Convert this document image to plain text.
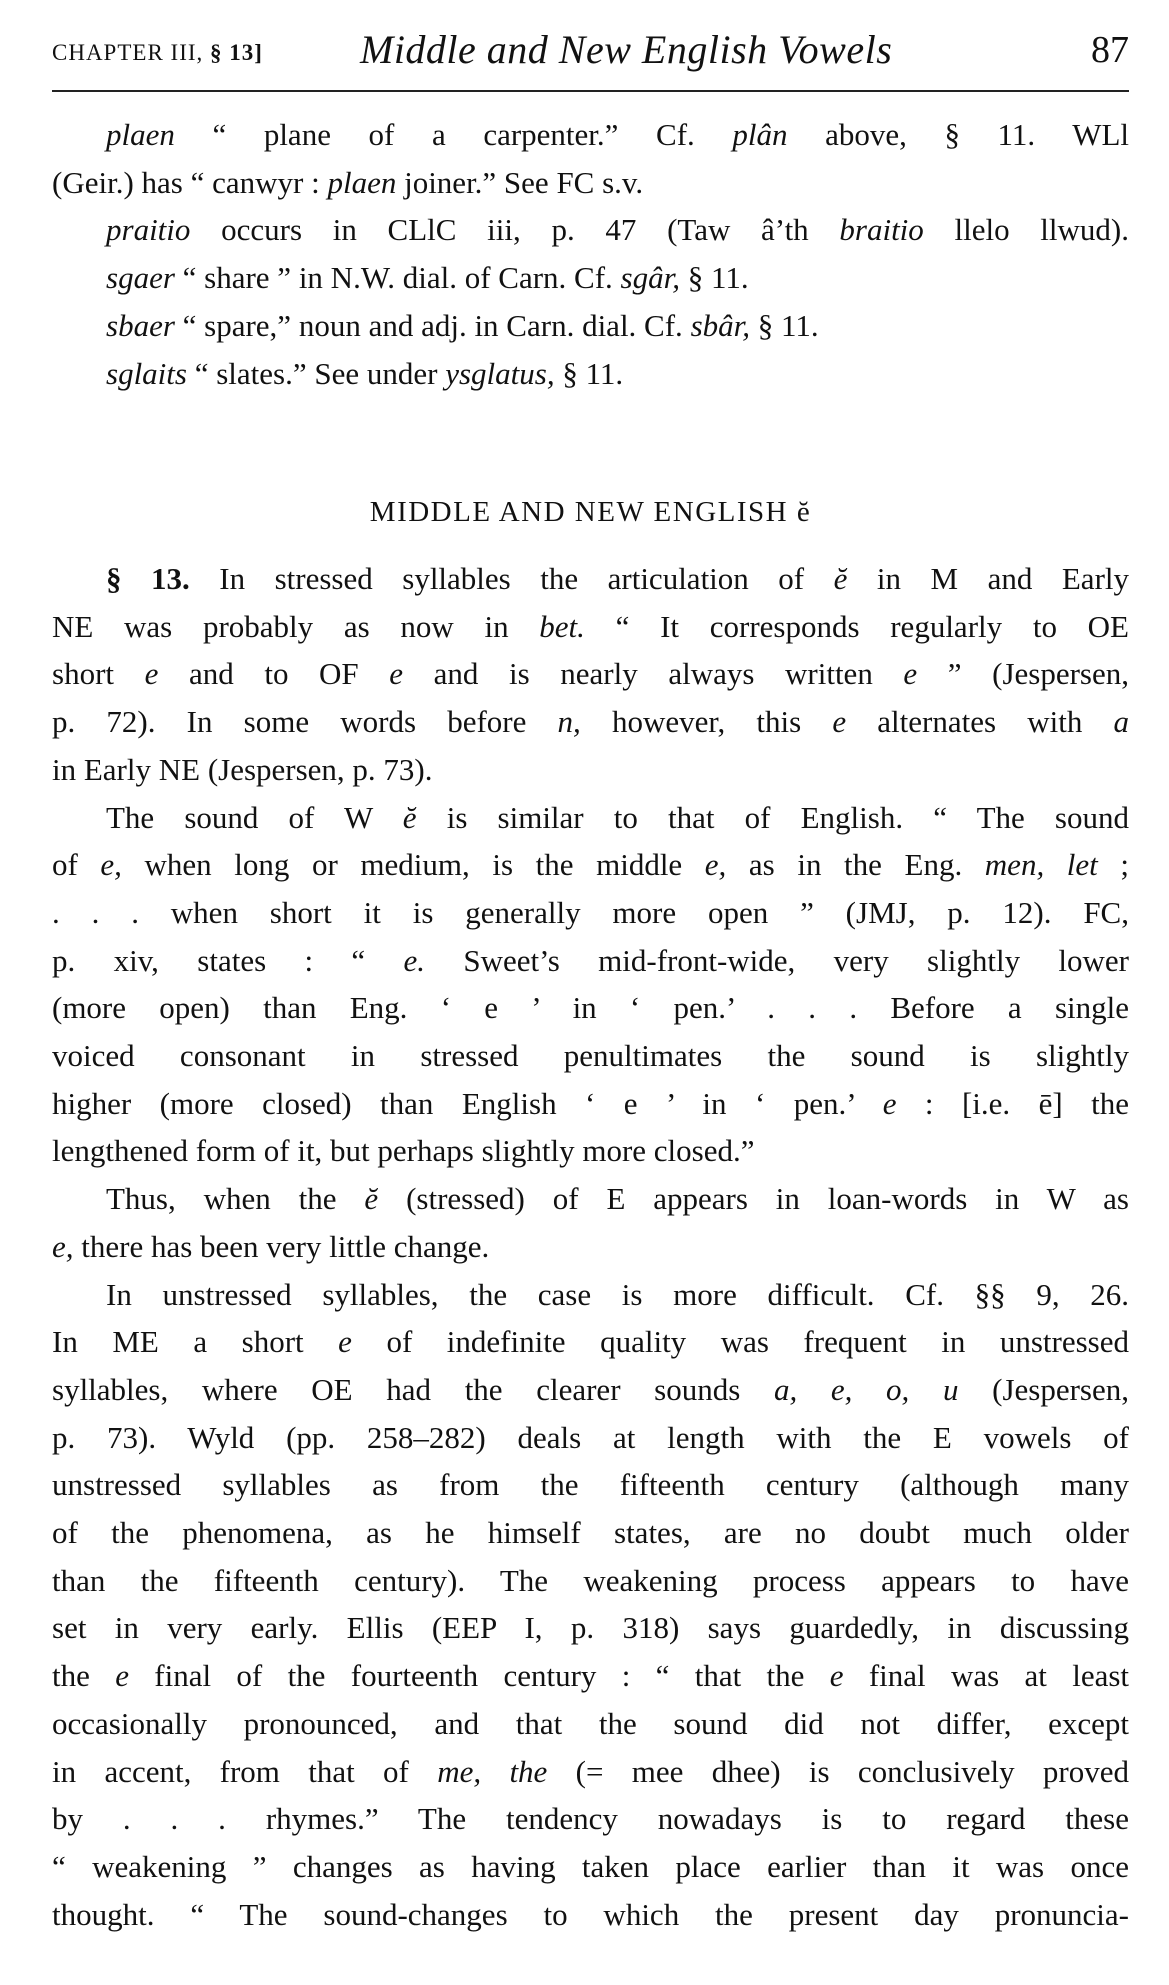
CHAPTER III, § 13] Middle and New English Vowels	87
plaen “ plane of a carpenter.” Cf. plân above, § 11. WLl
(Geir.) has “ canwyr : plaen joiner.” See FC s.v.
praitio occurs in CLlC iii, p. 47 (Taw â’th braitio llelo llwud).
sgaer “ share ” in N.W. dial. of Carn. Cf. sgâr, § 11.
sbaer “ spare,” noun and adj. in Carn. dial. Cf. sbâr, § 11.
sglaits “ slates.” See under ysglatus, § 11.
MIDDLE AND NEW ENGLISH ĕ
§ 13. In stressed syllables the articulation of ĕ in M and Early
NE was probably as now in bet. “ It corresponds regularly to OE
short e and to OF e and is nearly always written e ” (Jespersen,
p. 72). In some words before n, however, this e alternates with a
in Early NE (Jespersen, p. 73).
The sound of W ĕ is similar to that of English. “ The sound
of e, when long or medium, is the middle e, as in the Eng. men, let ;
. . . when short it is generally more open ” (JMJ, p. 12). FC,
p. xiv, states : “ e. Sweet’s mid-front-wide, very slightly lower
(more open) than Eng. ‘ e ’ in ‘ pen.’ . . . Before a single
voiced consonant in stressed penultimates the sound is slightly
higher (more closed) than English ‘ e ’ in ‘ pen.’ e : [i.e. ē] the
lengthened form of it, but perhaps slightly more closed.”
Thus, when the ĕ (stressed) of E appears in loan-words in W as
e, there has been very little change.
In unstressed syllables, the case is more difficult. Cf. §§ 9, 26.
In ME a short e of indefinite quality was frequent in unstressed
syllables, where OE had the clearer sounds a, e, o, u (Jespersen,
p. 73). Wyld (pp. 258–282) deals at length with the E vowels of
unstressed syllables as from the fifteenth century (although many
of the phenomena, as he himself states, are no doubt much older
than the fifteenth century). The weakening process appears to have
set in very early. Ellis (EEP I, p. 318) says guardedly, in discussing
the e final of the fourteenth century : “ that the e final was at least
occasionally pronounced, and that the sound did not differ, except
in accent, from that of me, the (= mee dhee) is conclusively proved
by . . . rhymes.” The tendency nowadays is to regard these
“ weakening ” changes as having taken place earlier than it was once
thought. “ The sound-changes to which the present day pronuncia-
